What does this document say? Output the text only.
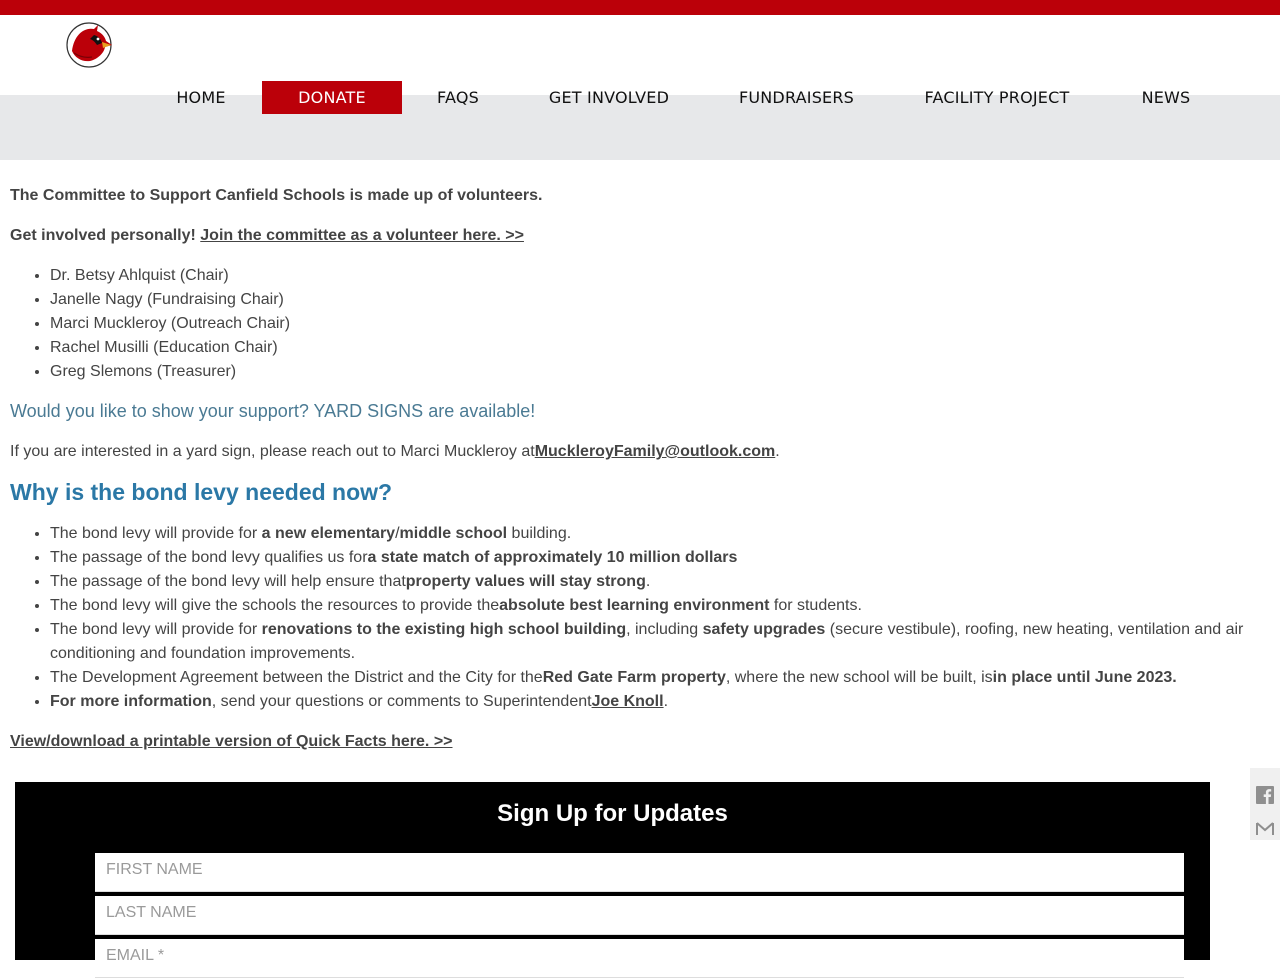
HOME	DONATE	FAQS	GET INVOLVED	FUNDRAISERS	FACILITY PROJECT	NEWS

The Committee to Support Canfield Schools is made up of volunteers.

Get involved personally! Join the committee as a volunteer here. >>

• Dr. Betsy Ahlquist (Chair)
• Janelle Nagy (Fundraising Chair)
• Marci Muckleroy (Outreach Chair)
• Rachel Musilli (Education Chair)
• Greg Slemons (Treasurer)

Would you like to show your support? YARD SIGNS are available!

If you are interested in a yard sign, please reach out to Marci Muckleroy atMuckleroyFamily@outlook.com.

Why is the bond levy needed now?

• The bond levy will provide for a new elementary/middle school building.
• The passage of the bond levy qualifies us fora state match of approximately 10 million dollars
• The passage of the bond levy will help ensure thatproperty values will stay strong.
• The bond levy will give the schools the resources to provide theabsolute best learning environment for students.
• The bond levy will provide for renovations to the existing high school building, including safety upgrades (secure vestibule), roofing, new heating, ventilation and air conditioning and foundation improvements.
• The Development Agreement between the District and the City for theRed Gate Farm property, where the new school will be built, isin place until June 2023.
• For more information, send your questions or comments to SuperintendentJoe Knoll.

View/download a printable version of Quick Facts here. >>

Sign Up for Updates
FIRST NAME
LAST NAME
EMAIL *
